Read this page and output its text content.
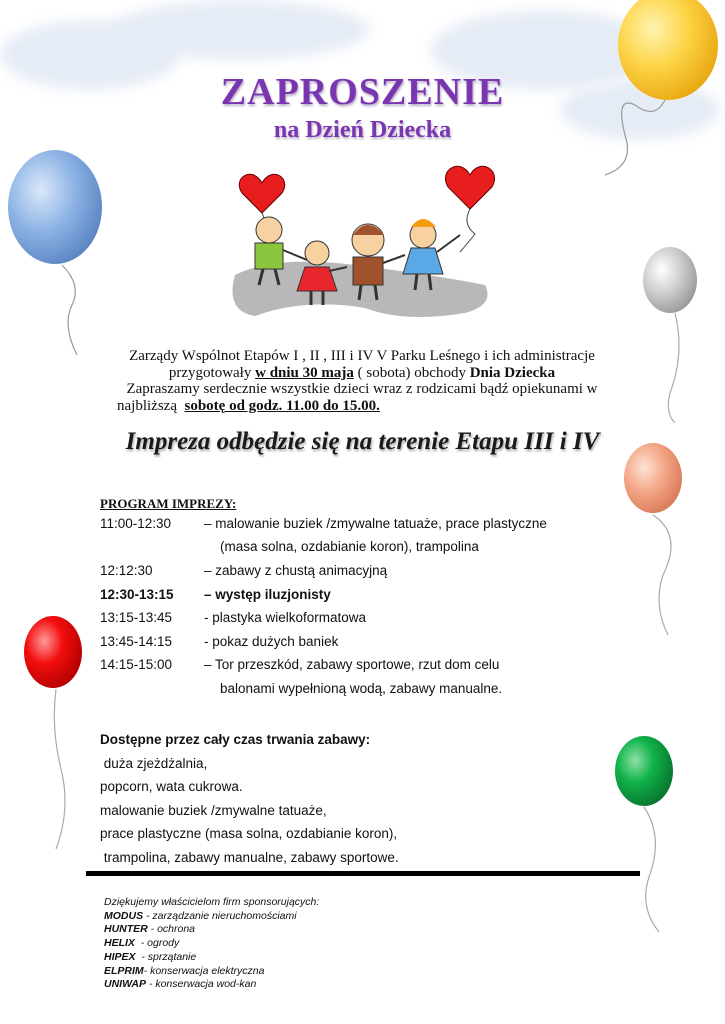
ZAPROSZENIE
na Dzień Dziecka
Zarządy Wspólnot Etapów I , II , III i IV V Parku Leśnego i ich administracje
przygotowały w dniu 30 maja ( sobota) obchody Dnia Dziecka
Zapraszamy serdecznie wszystkie dzieci wraz z rodzicami bądź opiekunami w
najbliższą sobotę od godz. 11.00 do 15.00.
Impreza odbędzie się na terenie Etapu III i IV
PROGRAM IMPREZY:
11:00-12:30 – malowanie buziek /zmywalne tatuaże, prace plastyczne
(masa solna, ozdabianie koron), trampolina
12:12:30	– zabawy z chustą animacyjną
12:30-13:15 – występ iluzjonisty
13:15-13:45 - plastyka wielkoformatowa
13:45-14:15 - pokaz dużych baniek
14:15-15:00 – Tor przeszkód, zabawy sportowe, rzut dom celu
balonami wypełnioną wodą, zabawy manualne.
Dostępne przez cały czas trwania zabawy:
duża zjeżdżalnia,
popcorn, wata cukrowa.
malowanie buziek /zmywalne tatuaże,
prace plastyczne (masa solna, ozdabianie koron),
trampolina, zabawy manualne, zabawy sportowe.
Dziękujemy właścicielom firm sponsorujących:
MODUS - zarządzanie nieruchomościami
HUNTER - ochrona
HELIX  - ogrody
HIPEX  - sprzątanie
ELPRIM- konserwacja elektryczna
UNIWAP - konserwacja wod-kan
